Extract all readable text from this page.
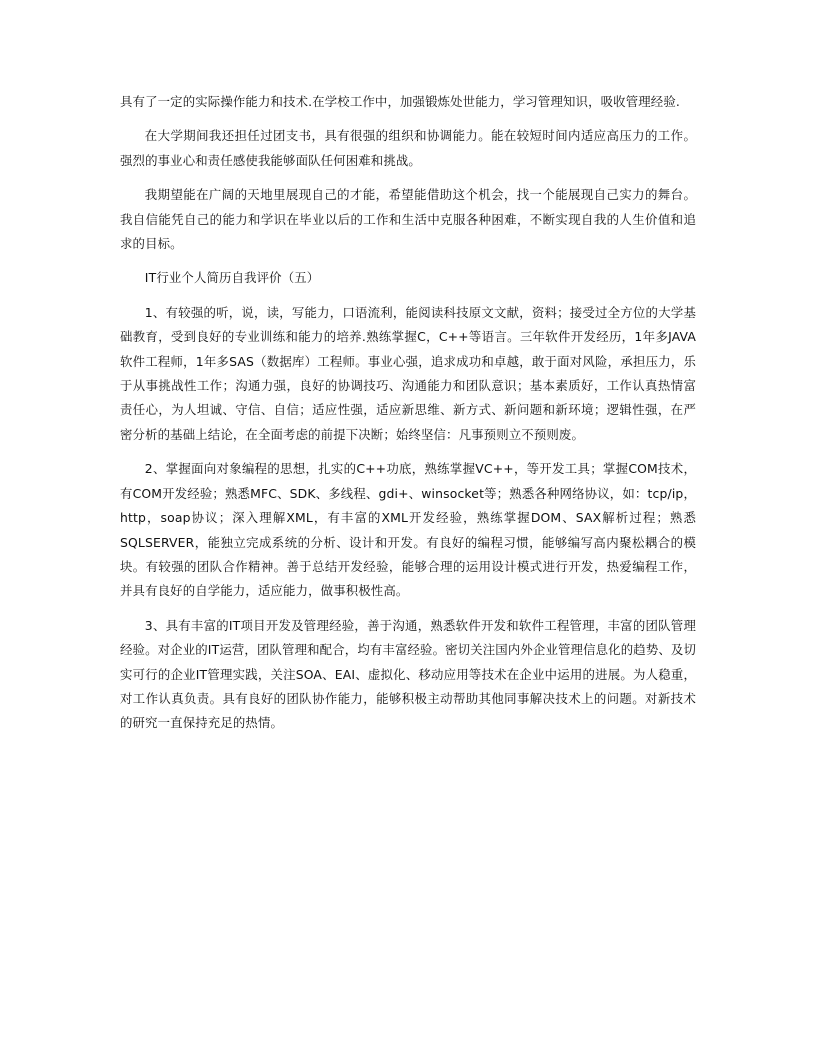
具有了一定的实际操作能力和技术.在学校工作中，加强锻炼处世能力，学习管理知识，吸收管理经验.

在大学期间我还担任过团支书，具有很强的组织和协调能力。能在较短时间内适应高压力的工作。强烈的事业心和责任感使我能够面队任何困难和挑战。

我期望能在广阔的天地里展现自己的才能，希望能借助这个机会，找一个能展现自己实力的舞台。我自信能凭自己的能力和学识在毕业以后的工作和生活中克服各种困难，不断实现自我的人生价值和追求的目标。

IT行业个人简历自我评价（五）

1、有较强的听，说，读，写能力，口语流利，能阅读科技原文文献，资料；接受过全方位的大学基础教育，受到良好的专业训练和能力的培养.熟练掌握C，C++等语言。三年软件开发经历，1年多JAVA软件工程师，1年多SAS（数据库）工程师。事业心强，追求成功和卓越，敢于面对风险，承担压力，乐于从事挑战性工作；沟通力强，良好的协调技巧、沟通能力和团队意识；基本素质好，工作认真热情富责任心，为人坦诚、守信、自信；适应性强，适应新思维、新方式、新问题和新环境；逻辑性强，在严密分析的基础上结论，在全面考虑的前提下决断；始终坚信：凡事预则立不预则废。

2、掌握面向对象编程的思想，扎实的C++功底，熟练掌握VC++，等开发工具；掌握COM技术，有COM开发经验；熟悉MFC、SDK、多线程、gdi+、winsocket等；熟悉各种网络协议，如：tcp/ip，http，soap协议；深入理解XML，有丰富的XML开发经验，熟练掌握DOM、SAX解析过程；熟悉SQLSERVER，能独立完成系统的分析、设计和开发。有良好的编程习惯，能够编写高内聚松耦合的模块。有较强的团队合作精神。善于总结开发经验，能够合理的运用设计模式进行开发，热爱编程工作，并具有良好的自学能力，适应能力，做事积极性高。

3、具有丰富的IT项目开发及管理经验，善于沟通，熟悉软件开发和软件工程管理，丰富的团队管理经验。对企业的IT运营，团队管理和配合，均有丰富经验。密切关注国内外企业管理信息化的趋势、及切实可行的企业IT管理实践，关注SOA、EAI、虚拟化、移动应用等技术在企业中运用的进展。为人稳重，对工作认真负责。具有良好的团队协作能力，能够积极主动帮助其他同事解决技术上的问题。对新技术的研究一直保持充足的热情。
